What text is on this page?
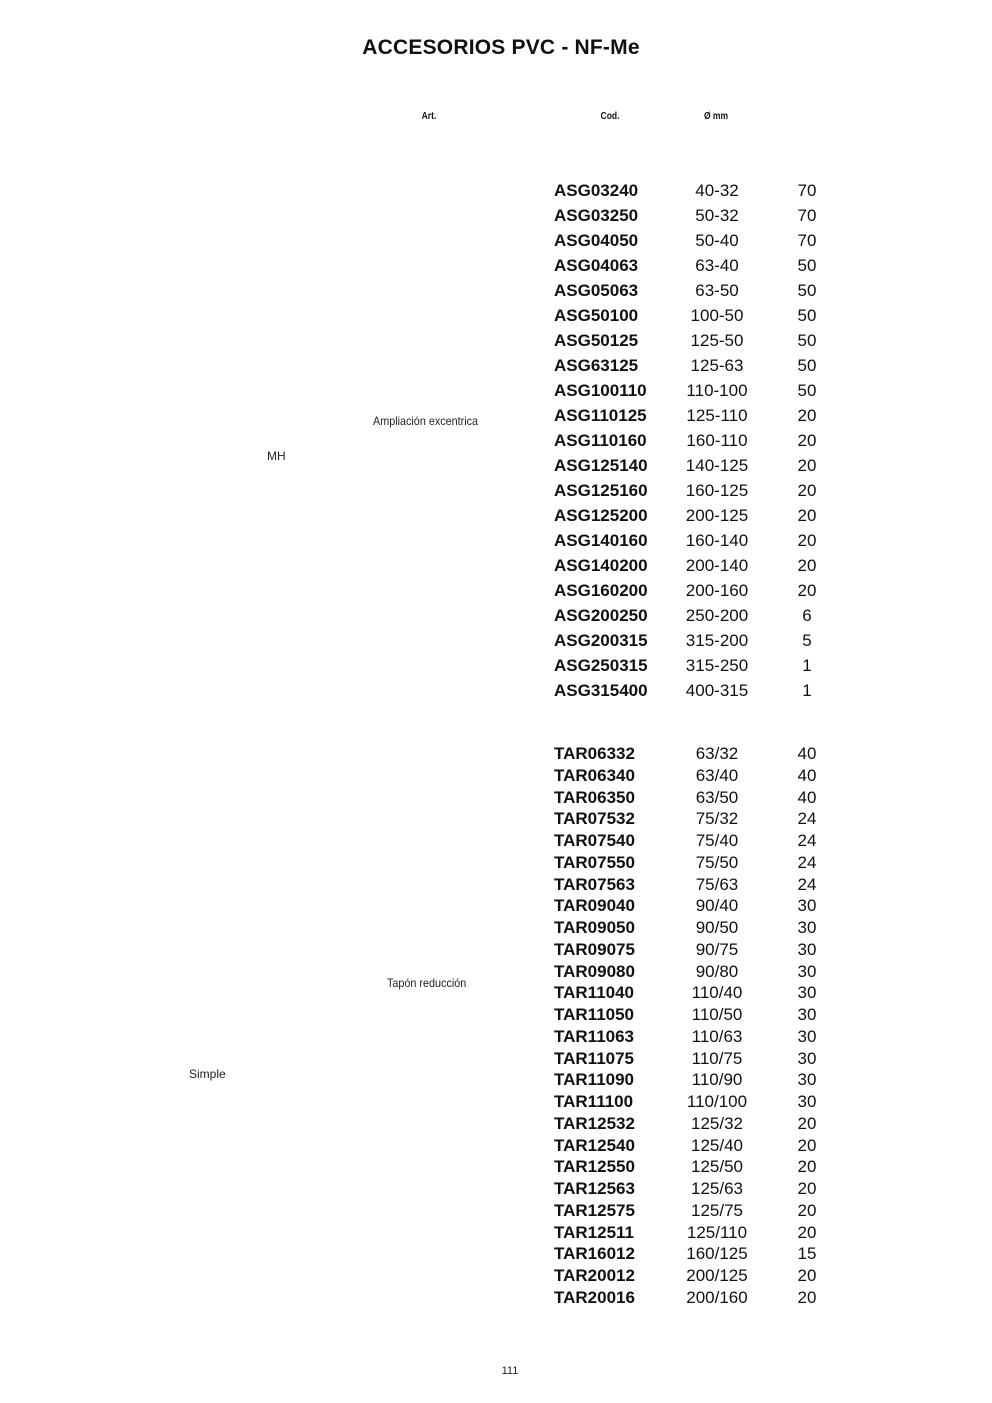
ACCESORIOS PVC - NF-Me
Art.	Cod.	Ø mm
MH
Ampliación excentrica
ASG03240	40-32	70
ASG03250	50-32	70
ASG04050	50-40	70
ASG04063	63-40	50
ASG05063	63-50	50
ASG50100	100-50	50
ASG50125	125-50	50
ASG63125	125-63	50
ASG100110	110-100	50
ASG110125	125-110	20
ASG110160	160-110	20
ASG125140	140-125	20
ASG125160	160-125	20
ASG125200	200-125	20
ASG140160	160-140	20
ASG140200	200-140	20
ASG160200	200-160	20
ASG200250	250-200	6
ASG200315	315-200	5
ASG250315	315-250	1
ASG315400	400-315	1
Simple
Tapón reducción
TAR06332	63/32	40
TAR06340	63/40	40
TAR06350	63/50	40
TAR07532	75/32	24
TAR07540	75/40	24
TAR07550	75/50	24
TAR07563	75/63	24
TAR09040	90/40	30
TAR09050	90/50	30
TAR09075	90/75	30
TAR09080	90/80	30
TAR11040	110/40	30
TAR11050	110/50	30
TAR11063	110/63	30
TAR11075	110/75	30
TAR11090	110/90	30
TAR11100	110/100	30
TAR12532	125/32	20
TAR12540	125/40	20
TAR12550	125/50	20
TAR12563	125/63	20
TAR12575	125/75	20
TAR12511	125/110	20
TAR16012	160/125	15
TAR20012	200/125	20
TAR20016	200/160	20
111
